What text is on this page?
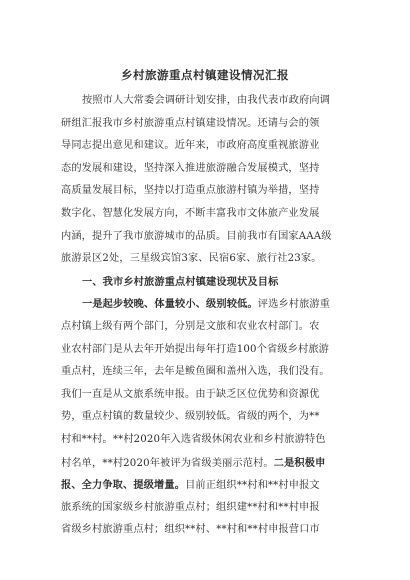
乡村旅游重点村镇建设情况汇报
按照市人大常委会调研计划安排，由我代表市政府向调
研组汇报我市乡村旅游重点村镇建设情况。还请与会的领
导同志提出意见和建议。近年来，市政府高度重视旅游业
态的发展和建设，坚持深入推进旅游融合发展模式，坚持
高质量发展目标，坚持以打造重点旅游村镇为举措，坚持
数字化、智慧化发展方向，不断丰富我市文体旅产业发展
内涵，提升了我市旅游城市的品质。目前我市有国家AAA级
旅游景区2处，三星级宾馆3家、民宿6家、旅行社23家。
一、我市乡村旅游重点村镇建设现状及目标
一是起步较晚、体量较小、级别较低。评选乡村旅游重
点村镇上级有两个部门，分别是文旅和农业农村部门。农
业农村部门是从去年开始提出每年打造100个省级乡村旅游
重点村，连续三年，去年是鲅鱼圈和盖州入选，我们没有。
我们一直是从文旅系统申报。由于缺乏区位优势和资源优
势，重点村镇的数量较少、级别较低。省级的两个，为**
村和**村。**村2020年入选省级休闲农业和乡村旅游特色
村名单，**村2020年被评为省级美丽示范村。二是积极申
报、全力争取、提级增量。目前正组织**村和**村申报文
旅系统的国家级乡村旅游重点村；组织建**村和**村申报
省级乡村旅游重点村；组织**村、**村和**村申报营口市
